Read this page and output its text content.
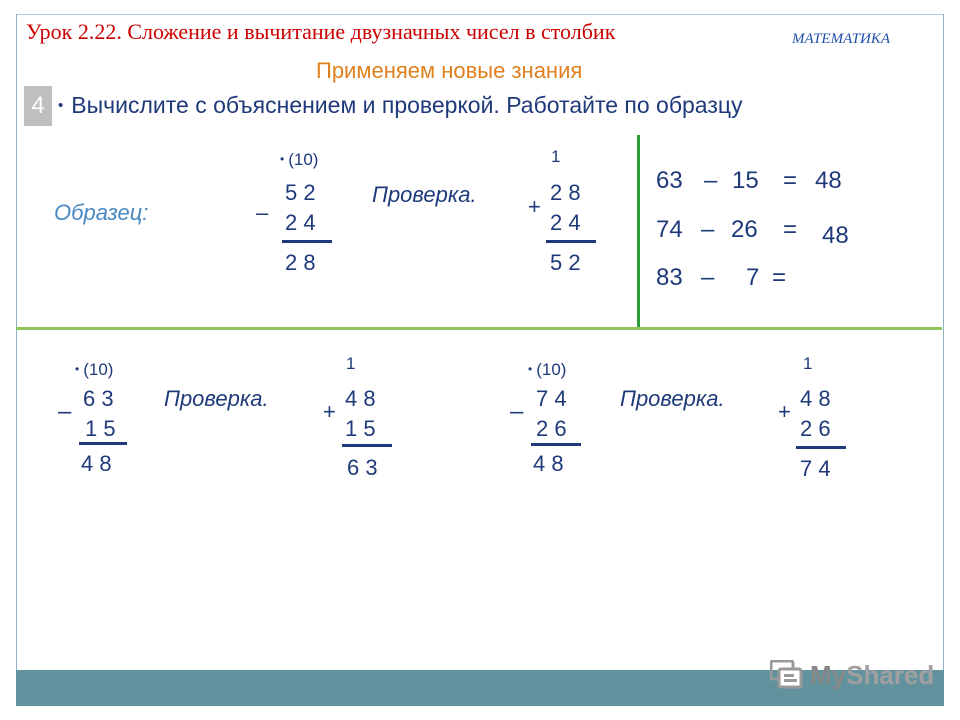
Урок 2.22. Сложение и вычитание двузначных чисел в столбик	МАТЕМАТИКА
Применяем новые знания
4 • Вычислите с объяснением и проверкой. Работайте по образцу
Образец:
• (10)
–
5 2
2 4
2 8
Проверка.
1
+
2 8
2 4
5 2
63 – 15 = 48
74 – 26 = 48
83 – 7 =
• (10)
– 6 3
1 5
4 8
Проверка.
1
+
4 8
1 5
6 3
• (10)
– 7 4
2 6
4 8
Проверка.
1
+
4 8
2 6
7 4
MyShared
